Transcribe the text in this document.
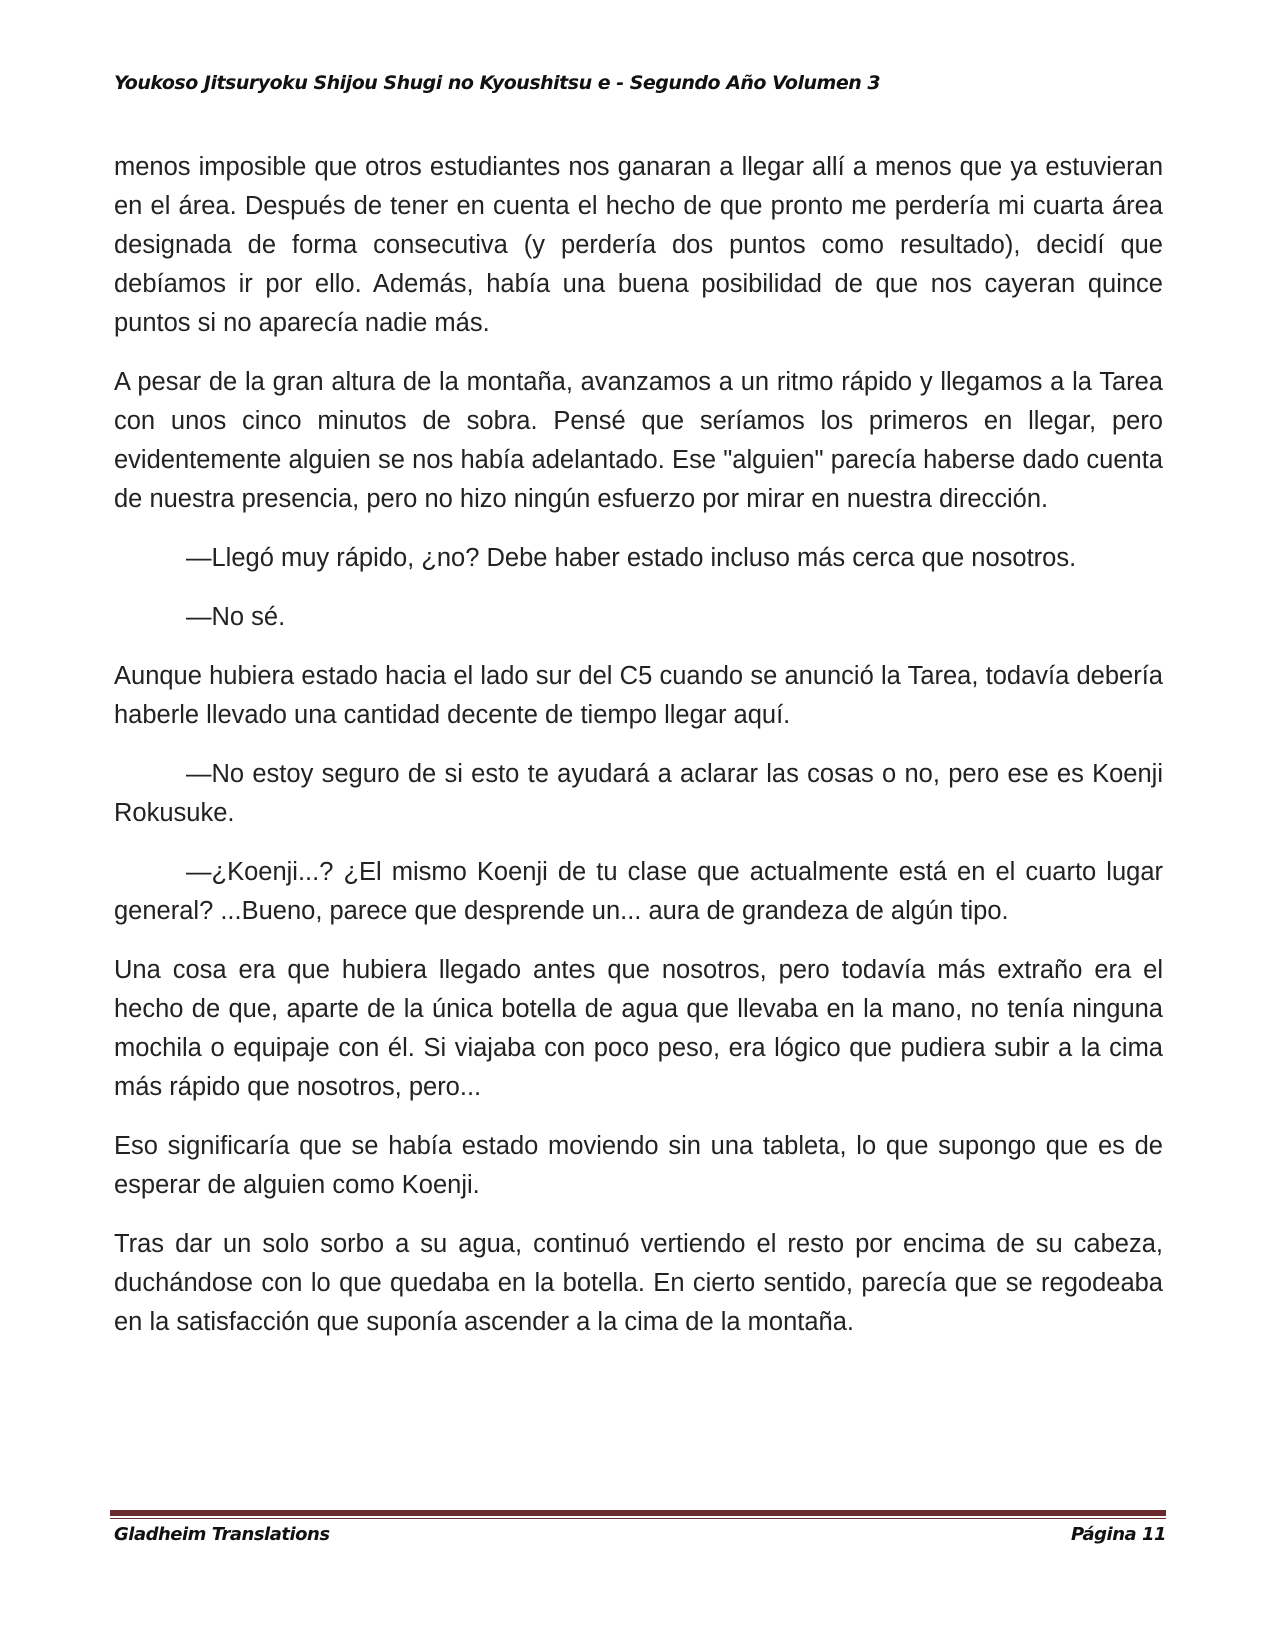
Youkoso Jitsuryoku Shijou Shugi no Kyoushitsu e - Segundo Año Volumen 3

menos imposible que otros estudiantes nos ganaran a llegar allí a menos que ya estuvieran en el área. Después de tener en cuenta el hecho de que pronto me perdería mi cuarta área designada de forma consecutiva (y perdería dos puntos como resultado), decidí que debíamos ir por ello. Además, había una buena posibilidad de que nos cayeran quince puntos si no aparecía nadie más.

A pesar de la gran altura de la montaña, avanzamos a un ritmo rápido y llegamos a la Tarea con unos cinco minutos de sobra. Pensé que seríamos los primeros en llegar, pero evidentemente alguien se nos había adelantado. Ese "alguien" parecía haberse dado cuenta de nuestra presencia, pero no hizo ningún esfuerzo por mirar en nuestra dirección.

—Llegó muy rápido, ¿no? Debe haber estado incluso más cerca que nosotros.

—No sé.

Aunque hubiera estado hacia el lado sur del C5 cuando se anunció la Tarea, todavía debería haberle llevado una cantidad decente de tiempo llegar aquí.

—No estoy seguro de si esto te ayudará a aclarar las cosas o no, pero ese es Koenji Rokusuke.

—¿Koenji...? ¿El mismo Koenji de tu clase que actualmente está en el cuarto lugar general? ...Bueno, parece que desprende un... aura de grandeza de algún tipo.

Una cosa era que hubiera llegado antes que nosotros, pero todavía más extraño era el hecho de que, aparte de la única botella de agua que llevaba en la mano, no tenía ninguna mochila o equipaje con él. Si viajaba con poco peso, era lógico que pudiera subir a la cima más rápido que nosotros, pero...

Eso significaría que se había estado moviendo sin una tableta, lo que supongo que es de esperar de alguien como Koenji.

Tras dar un solo sorbo a su agua, continuó vertiendo el resto por encima de su cabeza, duchándose con lo que quedaba en la botella. En cierto sentido, parecía que se regodeaba en la satisfacción que suponía ascender a la cima de la montaña.

Gladheim Translations	Página 11
